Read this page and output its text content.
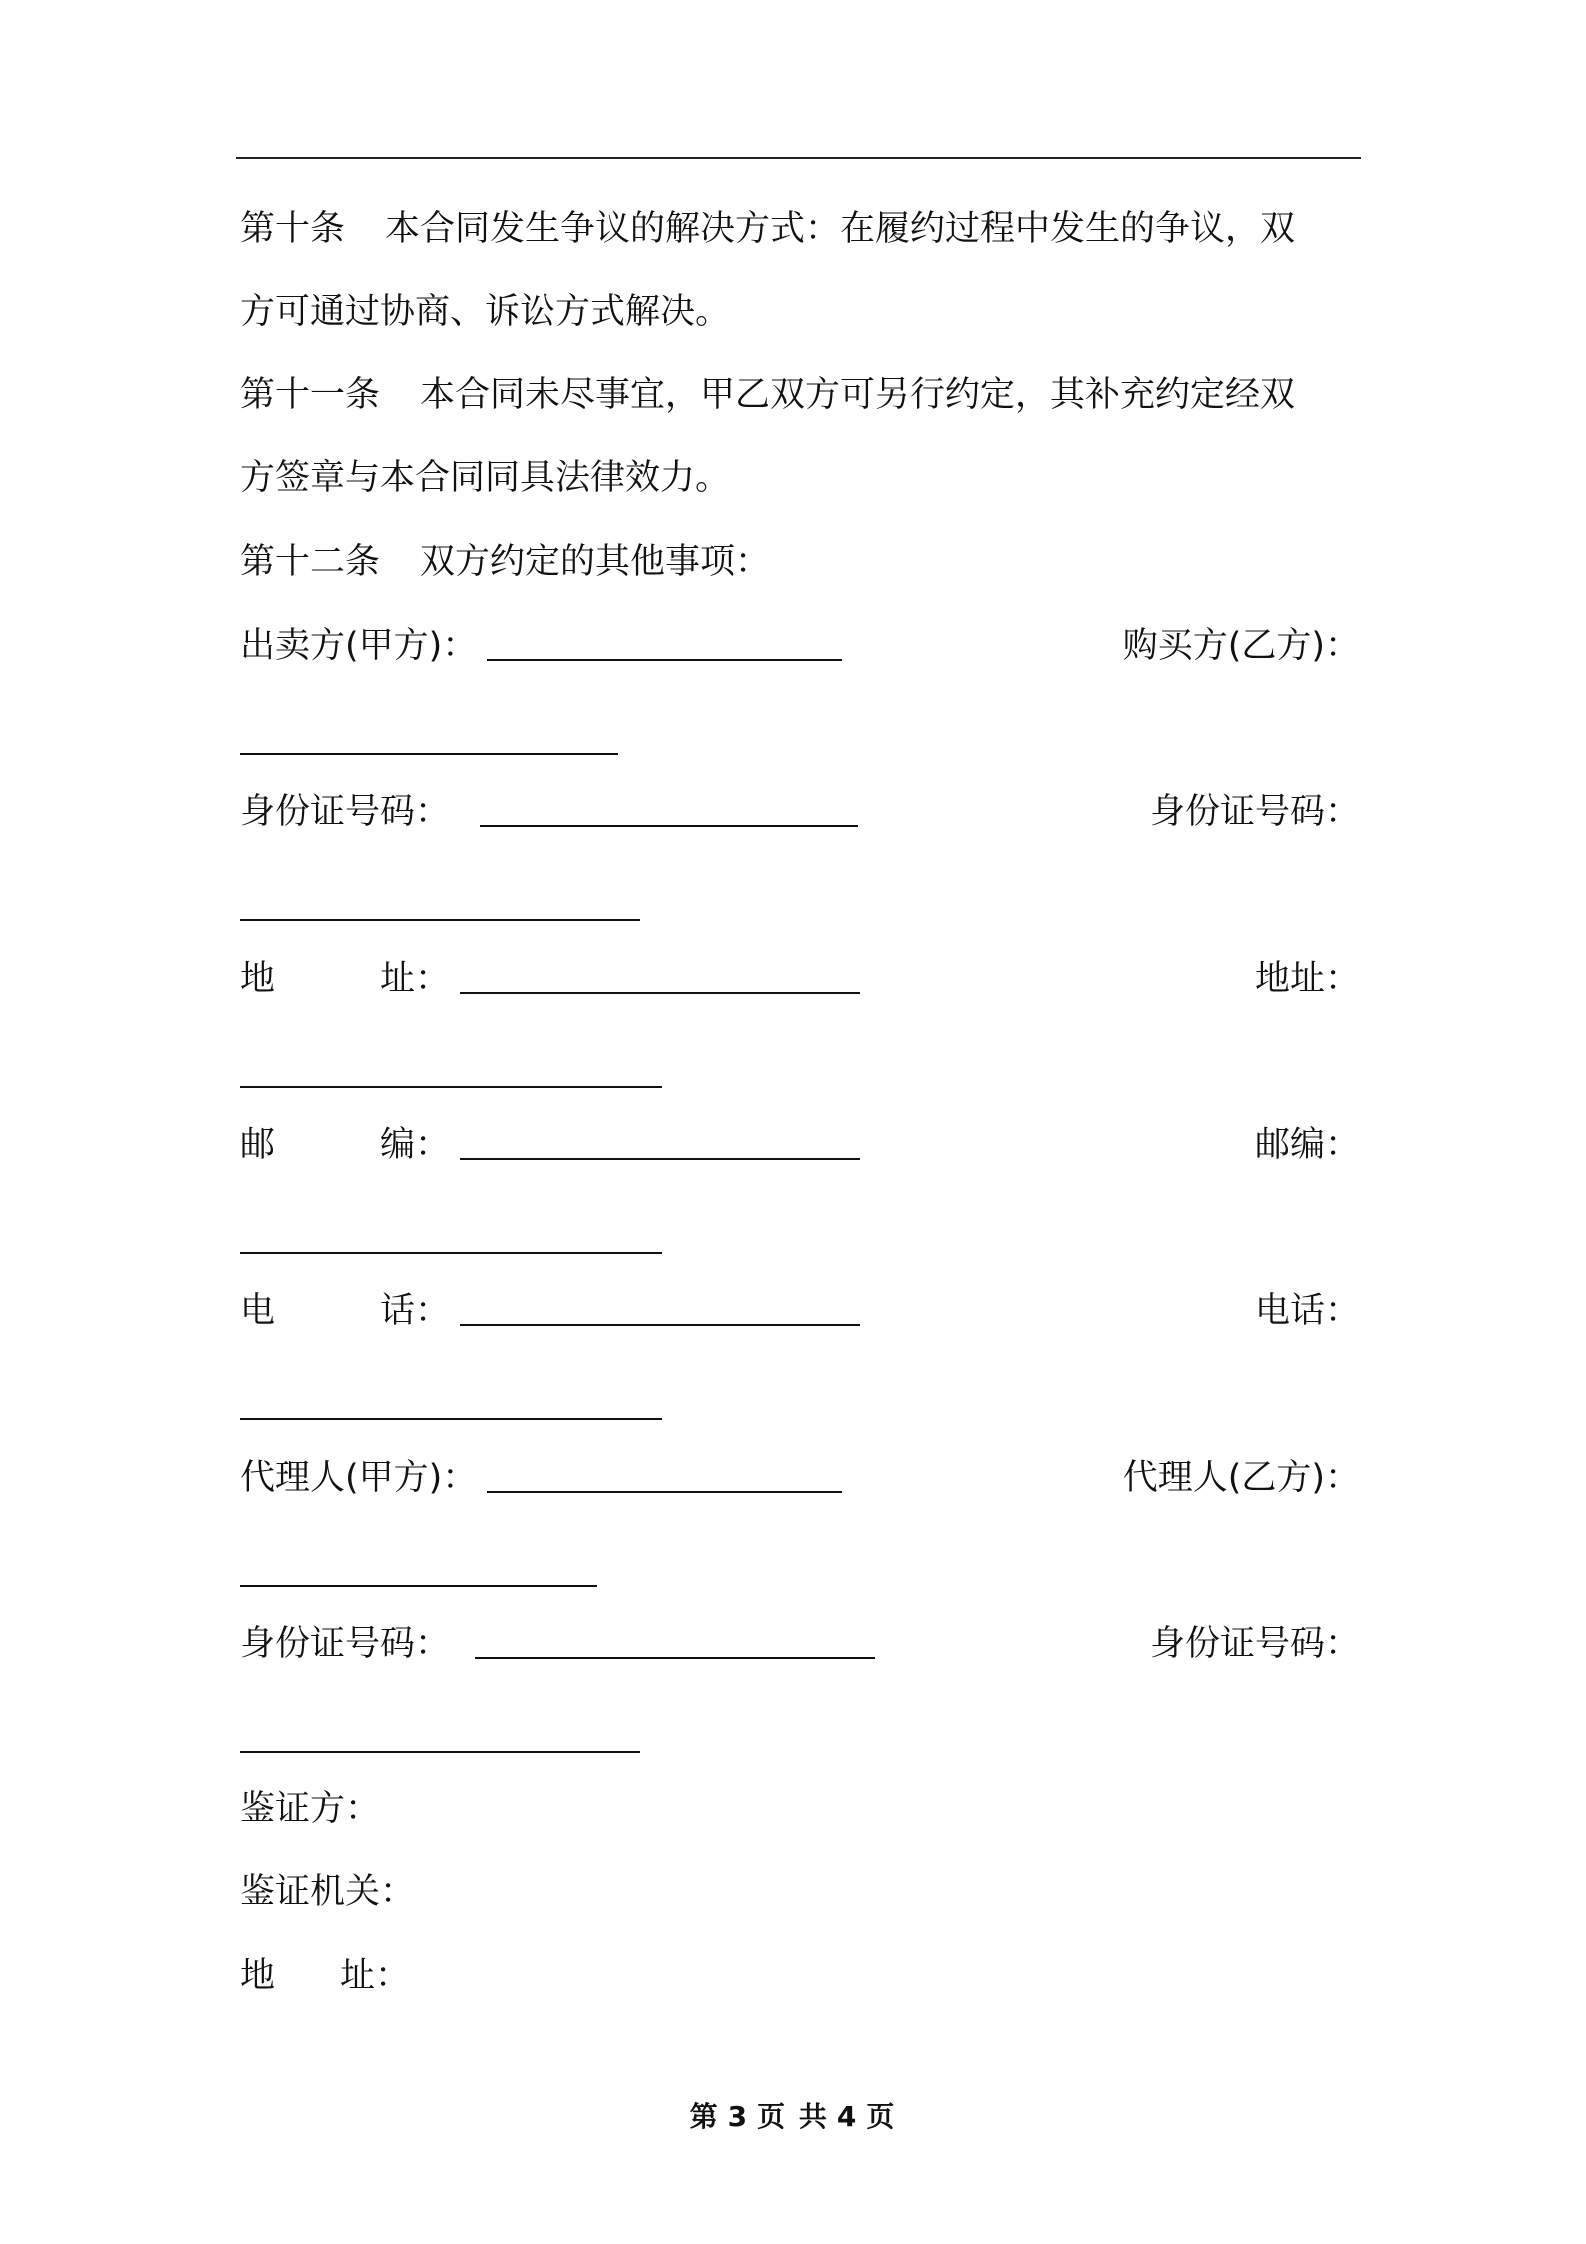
第十条 本合同发生争议的解决方式：在履约过程中发生的争议，双
方可通过协商、诉讼方式解决。
第十一条 本合同未尽事宜，甲乙双方可另行约定，其补充约定经双
方签章与本合同同具法律效力。
第十二条 双方约定的其他事项：
出卖方(甲方)：	购买方(乙方)：
身份证号码：	身份证号码：
地	址：	地 址：
邮	编：	邮 编：
电	话：	电 话：
代理人(甲方)：	代理人(乙方)：
身份证号码：	身份证号码：
鉴证方：
鉴证机关：
地 址：
第 3 页 共 4 页
